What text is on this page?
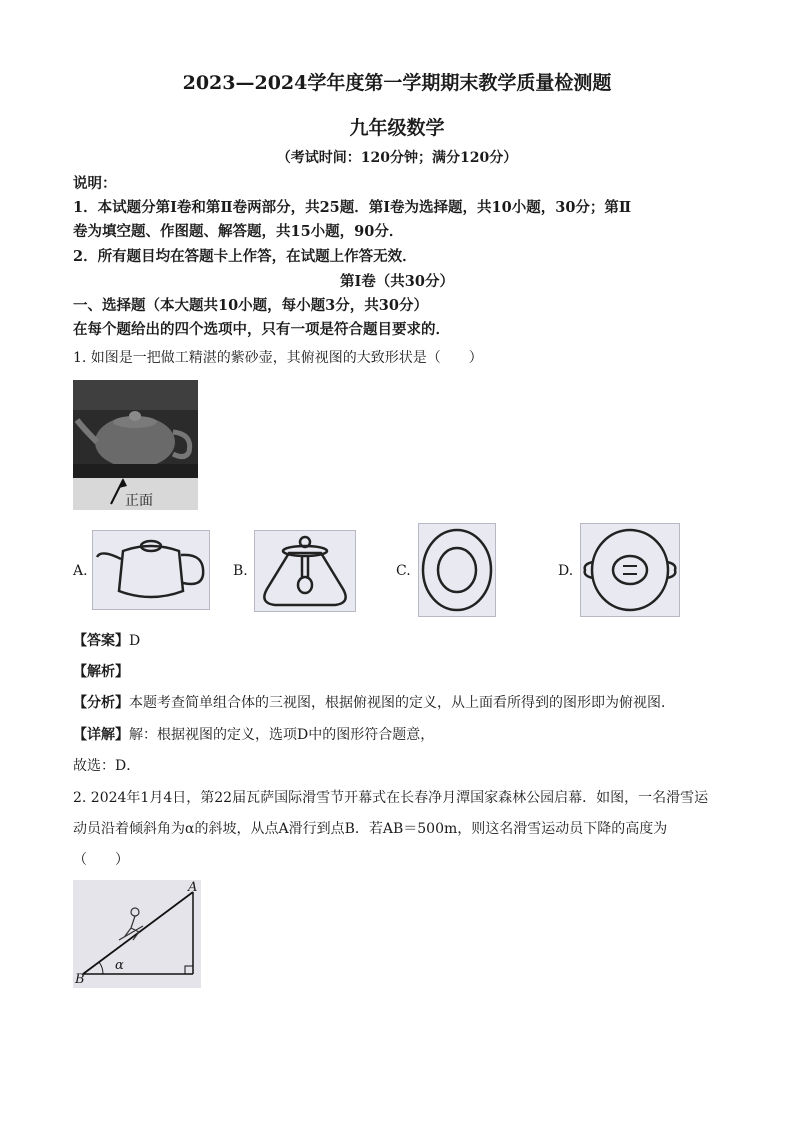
2023—2024学年度第一学期期末教学质量检测题
九年级数学
（考试时间：120分钟；满分120分）
说明：
1．本试题分第Ⅰ卷和第Ⅱ卷两部分，共25题．第Ⅰ卷为选择题，共10小题，30分；第Ⅱ
卷为填空题、作图题、解答题，共15小题，90分．
2．所有题目均在答题卡上作答，在试题上作答无效．
第Ⅰ卷（共30分）
一、选择题（本大题共10小题，每小题3分，共30分）
在每个题给出的四个选项中，只有一项是符合题目要求的．
1. 如图是一把做工精湛的紫砂壶，其俯视图的大致形状是（　　）
正面
A.	B.	C.	D.
【答案】D
【解析】
【分析】本题考查简单组合体的三视图，根据俯视图的定义，从上面看所得到的图形即为俯视图．
【详解】解：根据视图的定义，选项D中的图形符合题意，
故选：D．
2. 2024年1月4日，第22届瓦萨国际滑雪节开幕式在长春净月潭国家森林公园启幕．如图，一名滑雪运
动员沿着倾斜角为α的斜坡，从点A滑行到点B．若AB＝500m，则这名滑雪运动员下降的高度为
（　　）
A
B
α
